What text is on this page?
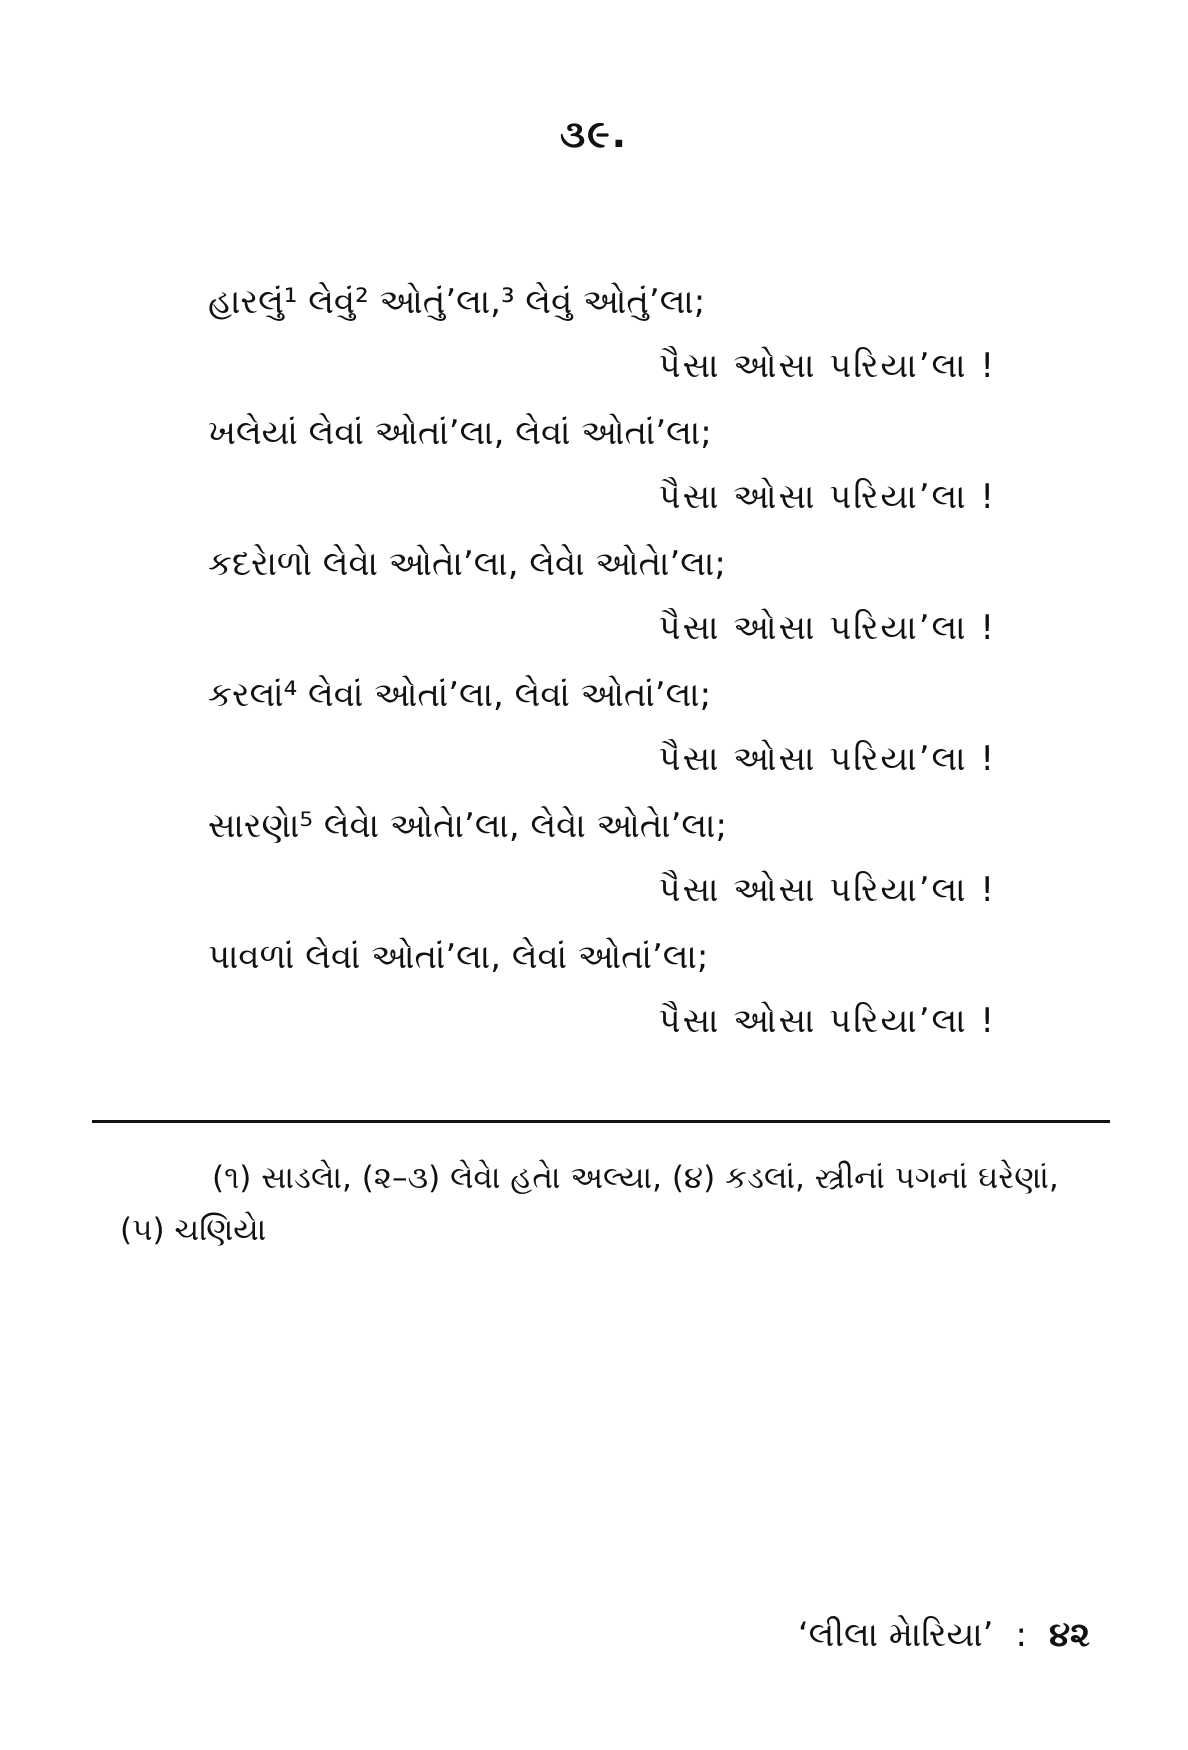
૩૯.
હારલું¹ લેવું² ઓતું’લા,³ લેવું ઓતું’લા;
પૈસા ઓસા પરિયા’લા !
ખલેયાં લેવાં ઓતાં’લા, લેવાં ઓતાં’લા;
પૈસા ઓસા પરિયા’લા !
કદરેાળો લેવેા ઓતેા’લા, લેવેા ઓતેા’લા;
પૈસા ઓસા પરિયા’લા !
કરલાં⁴ લેવાં ઓતાં’લા, લેવાં ઓતાં’લા;
પૈસા ઓસા પરિયા’લા !
સારણેા⁵ લેવેા ઓતેા’લા, લેવેા ઓતેા’લા;
પૈસા ઓસા પરિયા’લા !
પાવળાં લેવાં ઓતાં’લા, લેવાં ઓતાં’લા;
પૈસા ઓસા પરિયા’લા !
(૧) સાડલેા, (૨–૩) લેવેા હતેા અલ્યા, (૪) કડલાં, સ્ત્રીનાં પગનાં ઘરેણાં, (૫) ચણિયેા
‘લીલા મેારિયા’ : ૪૨
